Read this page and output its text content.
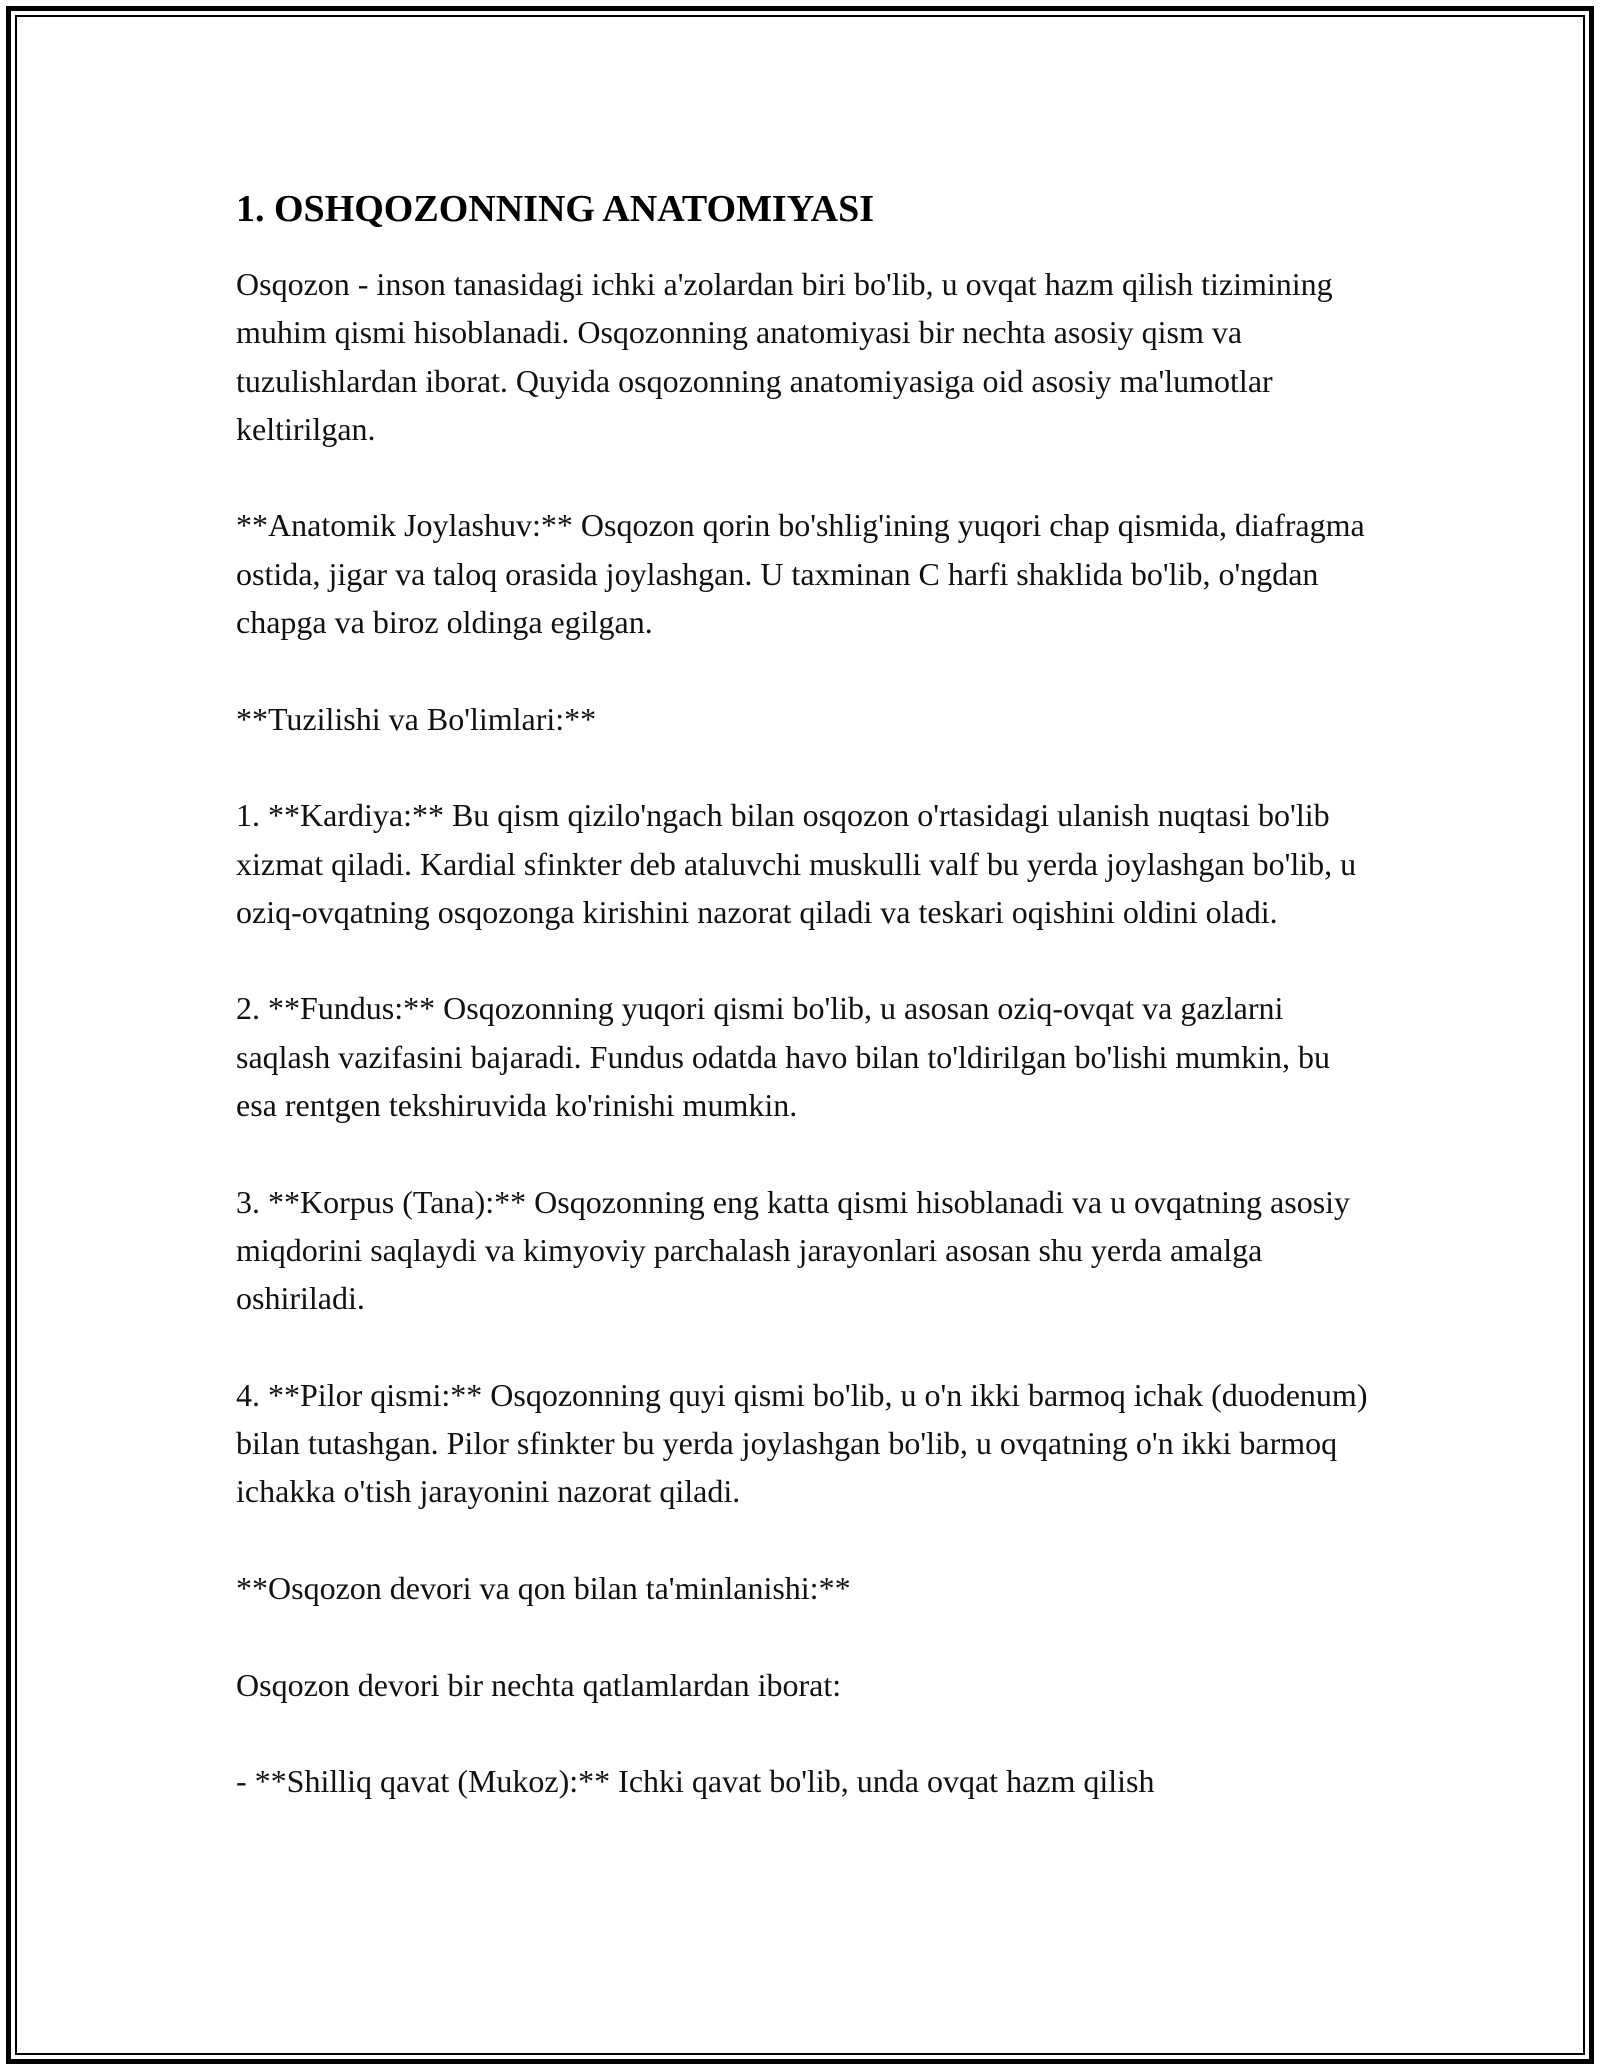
1. OSHQOZONNING ANATOMIYASI

Osqozon - inson tanasidagi ichki a'zolardan biri bo'lib, u ovqat hazm qilish tizimining muhim qismi hisoblanadi. Osqozonning anatomiyasi bir nechta asosiy qism va tuzulishlardan iborat. Quyida osqozonning anatomiyasiga oid asosiy ma'lumotlar keltirilgan.

**Anatomik Joylashuv:** Osqozon qorin bo'shlig'ining yuqori chap qismida, diafragma ostida, jigar va taloq orasida joylashgan. U taxminan C harfi shaklida bo'lib, o'ngdan chapga va biroz oldinga egilgan.

**Tuzilishi va Bo'limlari:**

1. **Kardiya:** Bu qism qizilo'ngach bilan osqozon o'rtasidagi ulanish nuqtasi bo'lib xizmat qiladi. Kardial sfinkter deb ataluvchi muskulli valf bu yerda joylashgan bo'lib, u oziq-ovqatning osqozonga kirishini nazorat qiladi va teskari oqishini oldini oladi.

2. **Fundus:** Osqozonning yuqori qismi bo'lib, u asosan oziq-ovqat va gazlarni saqlash vazifasini bajaradi. Fundus odatda havo bilan to'ldirilgan bo'lishi mumkin, bu esa rentgen tekshiruvida ko'rinishi mumkin.

3. **Korpus (Tana):** Osqozonning eng katta qismi hisoblanadi va u ovqatning asosiy miqdorini saqlaydi va kimyoviy parchalash jarayonlari asosan shu yerda amalga oshiriladi.

4. **Pilor qismi:** Osqozonning quyi qismi bo'lib, u o'n ikki barmoq ichak (duodenum) bilan tutashgan. Pilor sfinkter bu yerda joylashgan bo'lib, u ovqatning o'n ikki barmoq ichakka o'tish jarayonini nazorat qiladi.

**Osqozon devori va qon bilan ta'minlanishi:**

Osqozon devori bir nechta qatlamlardan iborat:

- **Shilliq qavat (Mukoz):** Ichki qavat bo'lib, unda ovqat hazm qilish
